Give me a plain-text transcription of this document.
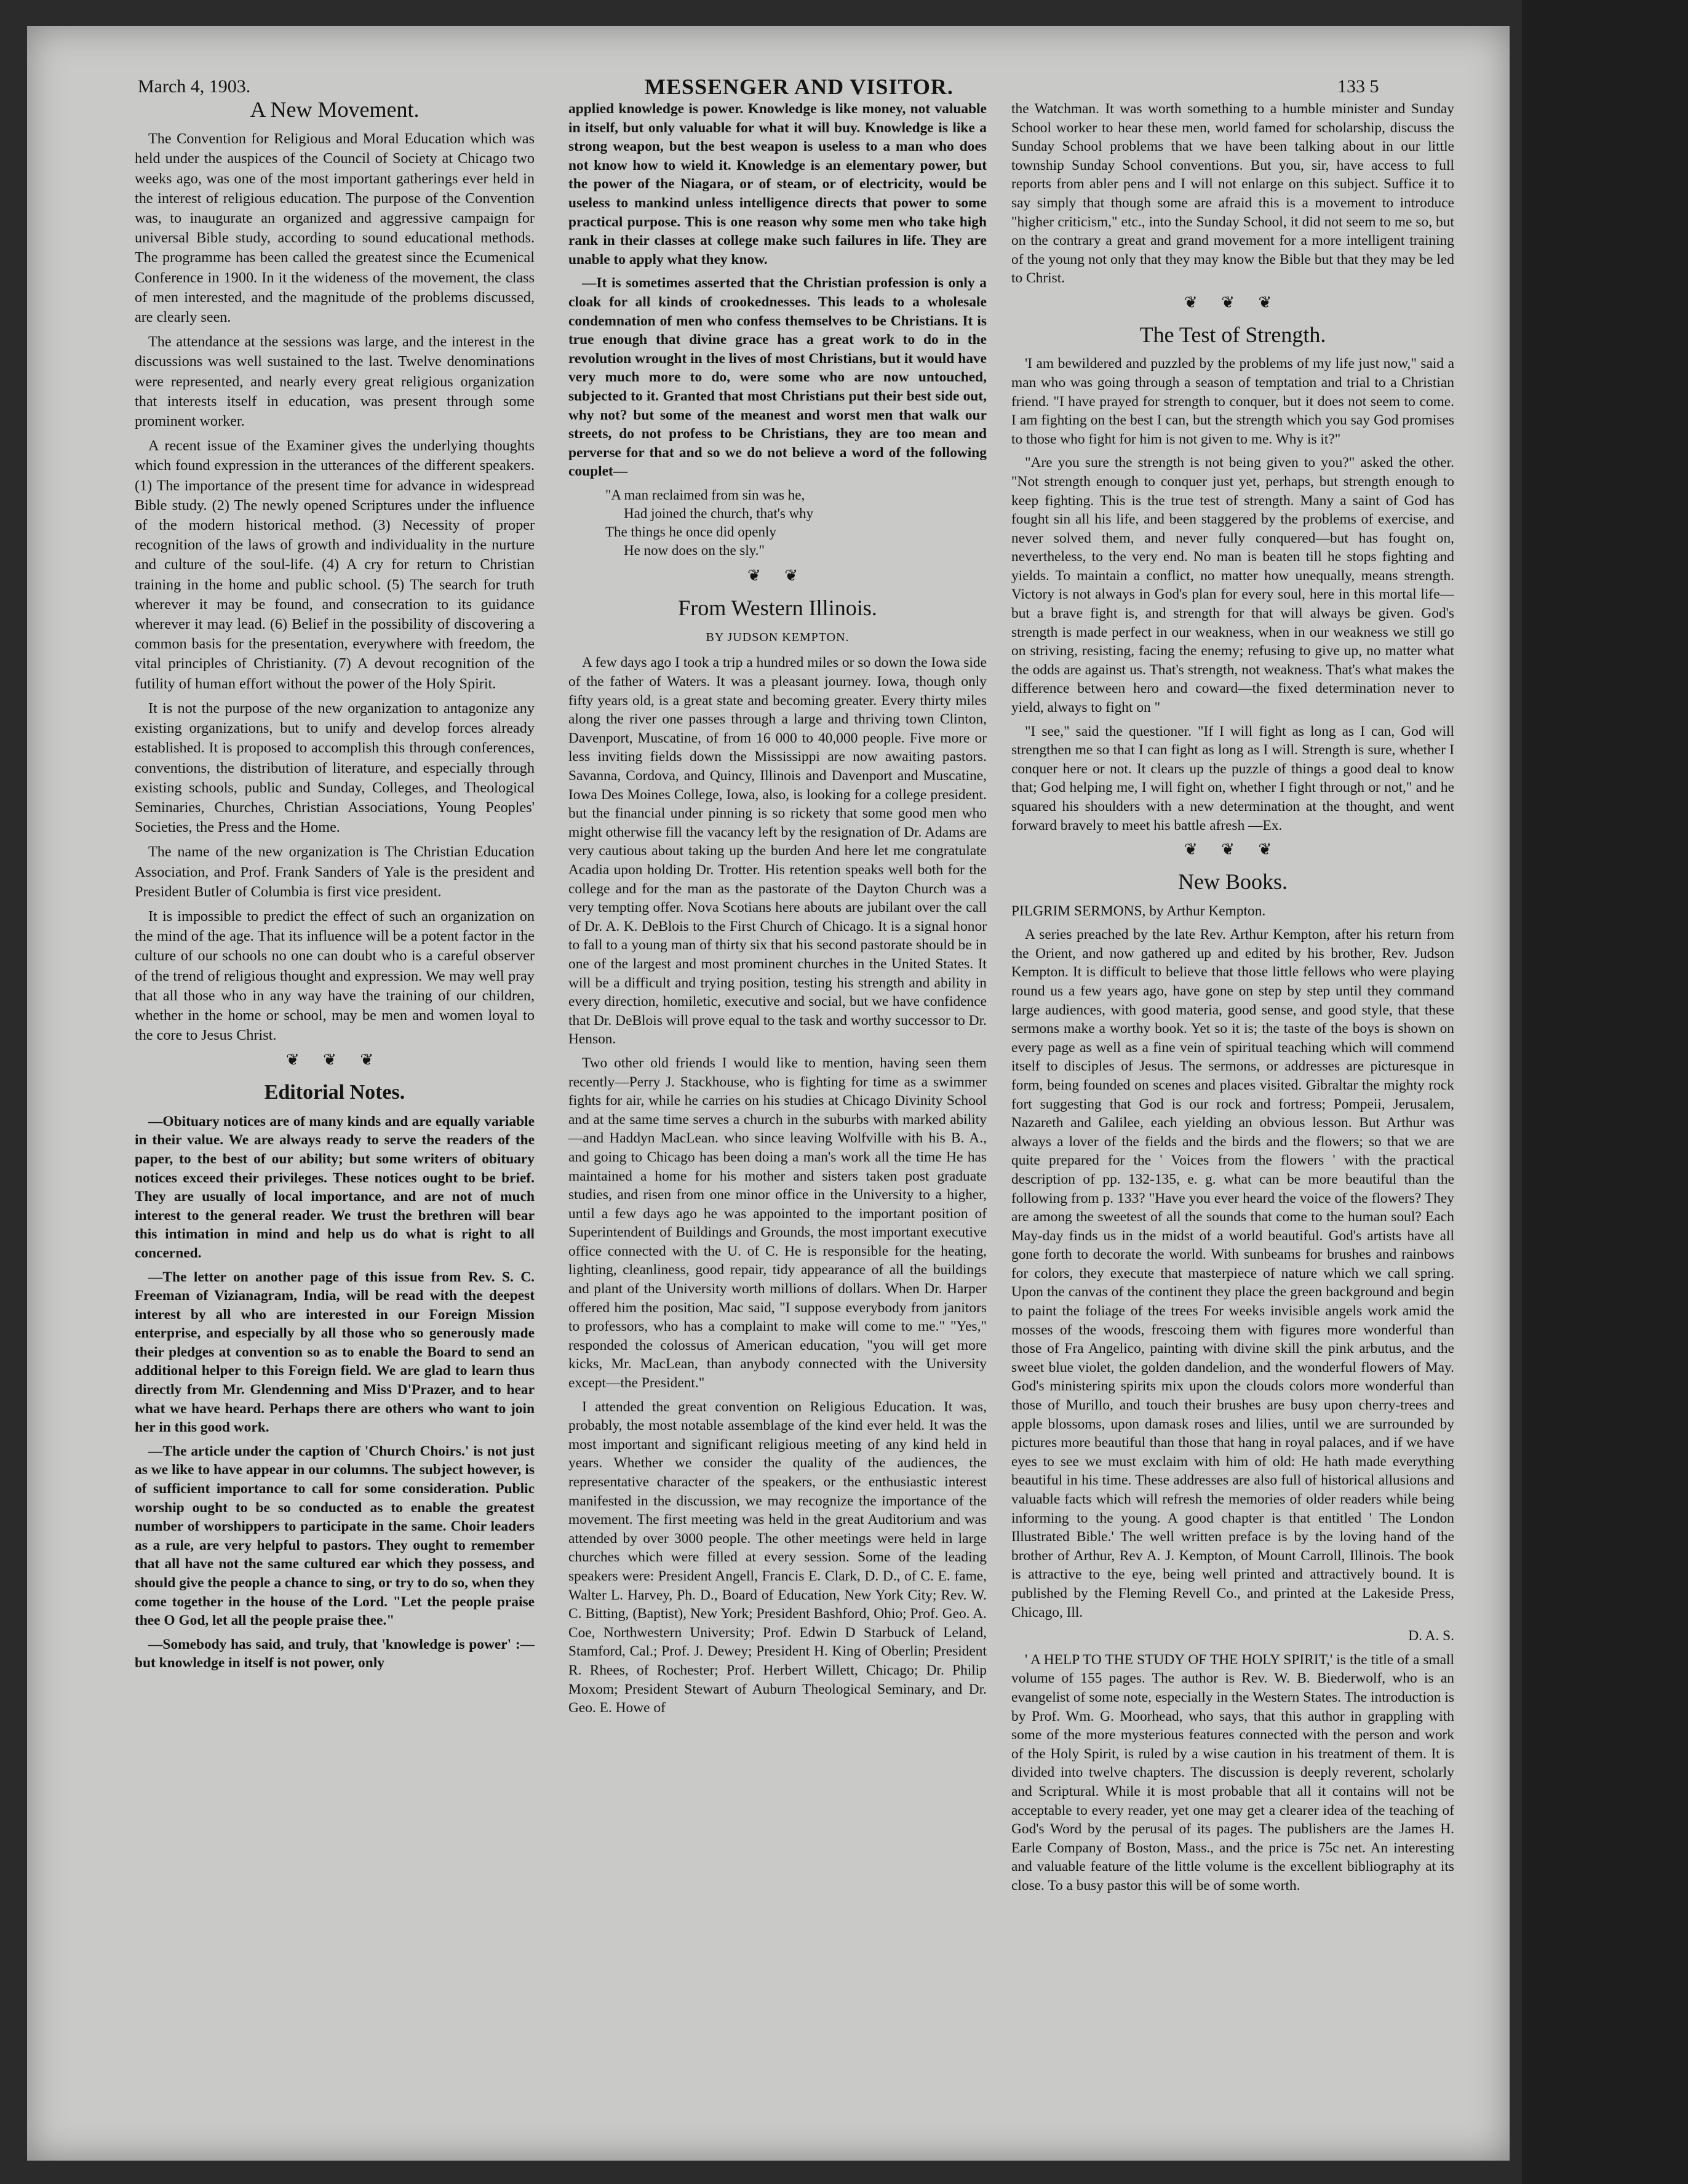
March 4, 1903.	MESSENGER AND VISITOR.	133 5
A New Movement.

The Convention for Religious and Moral Education which was held under the auspices of the Council of Society at Chicago two weeks ago, was one of the most important gatherings ever held in the interest of religious education. The purpose of the Convention was, to inaugurate an organized and aggressive campaign for universal Bible study, according to sound educational methods. The programme has been called the greatest since the Ecumenical Conference in 1900. In it the wideness of the movement, the class of men interested, and the magnitude of the problems discussed, are clearly seen.

The attendance at the sessions was large, and the interest in the discussions was well sustained to the last. Twelve denominations were represented, and nearly every great religious organization that interests itself in education, was present through some prominent worker.

A recent issue of the Examiner gives the underlying thoughts which found expression in the utterances of the different speakers. (1) The importance of the present time for advance in widespread Bible study. (2) The newly opened Scriptures under the influence of the modern historical method. (3) Necessity of proper recognition of the laws of growth and individuality in the nurture and culture of the soul-life. (4) A cry for return to Christian training in the home and public school. (5) The search for truth wherever it may be found, and consecration to its guidance wherever it may lead. (6) Belief in the possibility of discovering a common basis for the presentation, everywhere with freedom, the vital principles of Christianity. (7) A devout recognition of the futility of human effort without the power of the Holy Spirit.

It is not the purpose of the new organization to antagonize any existing organizations, but to unify and develop forces already established. It is proposed to accomplish this through conferences, conventions, the distribution of literature, and especially through existing schools, public and Sunday, Colleges, and Theological Seminaries, Churches, Christian Associations, Young Peoples' Societies, the Press and the Home.

The name of the new organization is The Christian Education Association, and Prof. Frank Sanders of Yale is the president and President Butler of Columbia is first vice president.

It is impossible to predict the effect of such an organization on the mind of the age. That its influence will be a potent factor in the culture of our schools no one can doubt who is a careful observer of the trend of religious thought and expression. We may well pray that all those who in any way have the training of our children, whether in the home or school, may be men and women loyal to the core to Jesus Christ.

❦ ❦ ❦
Editorial Notes.

—Obituary notices are of many kinds and are equally variable in their value. We are always ready to serve the readers of the paper, to the best of our ability; but some writers of obituary notices exceed their privileges. These notices ought to be brief. They are usually of local importance, and are not of much interest to the general reader. We trust the brethren will bear this intimation in mind and help us do what is right to all concerned.

—The letter on another page of this issue from Rev. S. C. Freeman of Vizianagram, India, will be read with the deepest interest by all who are interested in our Foreign Mission enterprise, and especially by all those who so generously made their pledges at convention so as to enable the Board to send an additional helper to this Foreign field. We are glad to learn thus directly from Mr. Glendenning and Miss D'Prazer, and to hear what we have heard. Perhaps there are others who want to join her in this good work.

—The article under the caption of 'Church Choirs.' is not just as we like to have appear in our columns. The subject however, is of sufficient importance to call for some consideration. Public worship ought to be so conducted as to enable the greatest number of worshippers to participate in the same. Choir leaders as a rule, are very helpful to pastors. They ought to remember that all have not the same cultured ear which they possess, and should give the people a chance to sing, or try to do so, when they come together in the house of the Lord. "Let the people praise thee O God, let all the people praise thee."

—Somebody has said, and truly, that 'knowledge is power' :—but knowledge in itself is not power, only

applied knowledge is power. Knowledge is like money, not valuable in itself, but only valuable for what it will buy. Knowledge is like a strong weapon, but the best weapon is useless to a man who does not know how to wield it. Knowledge is an elementary power, but the power of the Niagara, or of steam, or of electricity, would be useless to mankind unless intelligence directs that power to some practical purpose. This is one reason why some men who take high rank in their classes at college make such failures in life. They are unable to apply what they know.

—It is sometimes asserted that the Christian profession is only a cloak for all kinds of crookednesses. This leads to a wholesale condemnation of men who confess themselves to be Christians. It is true enough that divine grace has a great work to do in the revolution wrought in the lives of most Christians, but it would have very much more to do, were some who are now untouched, subjected to it. Granted that most Christians put their best side out, why not? but some of the meanest and worst men that walk our streets, do not profess to be Christians, they are too mean and perverse for that and so we do not believe a word of the following couplet—

"A man reclaimed from sin was he,
Had joined the church, that's why
The things he once did openly
He now does on the sly."
❦ ❦
From Western Illinois.
BY JUDSON KEMPTON.

A few days ago I took a trip a hundred miles or so down the Iowa side of the father of Waters. It was a pleasant journey. Iowa, though only fifty years old, is a great state and becoming greater. Every thirty miles along the river one passes through a large and thriving town Clinton, Davenport, Muscatine, of from 16 000 to 40,000 people. Five more or less inviting fields down the Mississippi are now awaiting pastors. Savanna, Cordova, and Quincy, Illinois and Davenport and Muscatine, Iowa Des Moines College, Iowa, also, is looking for a college president. but the financial under pinning is so rickety that some good men who might otherwise fill the vacancy left by the resignation of Dr. Adams are very cautious about taking up the burden And here let me congratulate Acadia upon holding Dr. Trotter. His retention speaks well both for the college and for the man as the pastorate of the Dayton Church was a very tempting offer. Nova Scotians here abouts are jubilant over the call of Dr. A. K. DeBlois to the First Church of Chicago. It is a signal honor to fall to a young man of thirty six that his second pastorate should be in one of the largest and most prominent churches in the United States. It will be a difficult and trying position, testing his strength and ability in every direction, homiletic, executive and social, but we have confidence that Dr. DeBlois will prove equal to the task and worthy successor to Dr. Henson.

Two other old friends I would like to mention, having seen them recently—Perry J. Stackhouse, who is fighting for time as a swimmer fights for air, while he carries on his studies at Chicago Divinity School and at the same time serves a church in the suburbs with marked ability —and Haddyn MacLean. who since leaving Wolfville with his B. A., and going to Chicago has been doing a man's work all the time He has maintained a home for his mother and sisters taken post graduate studies, and risen from one minor office in the University to a higher, until a few days ago he was appointed to the important position of Superintendent of Buildings and Grounds, the most important executive office connected with the U. of C. He is responsible for the heating, lighting, cleanliness, good repair, tidy appearance of all the buildings and plant of the University worth millions of dollars. When Dr. Harper offered him the position, Mac said, "I suppose everybody from janitors to professors, who has a complaint to make will come to me." "Yes," responded the colossus of American education, "you will get more kicks, Mr. MacLean, than anybody connected with the University except—the President."

I attended the great convention on Religious Education. It was, probably, the most notable assemblage of the kind ever held. It was the most important and significant religious meeting of any kind held in years. Whether we consider the quality of the audiences, the representative character of the speakers, or the enthusiastic interest manifested in the discussion, we may recognize the importance of the movement. The first meeting was held in the great Auditorium and was attended by over 3000 people. The other meetings were held in large churches which were filled at every session. Some of the leading speakers were: President Angell, Francis E. Clark, D. D., of C. E. fame, Walter L. Harvey, Ph. D., Board of Education, New York City; Rev. W. C. Bitting, (Baptist), New York; President Bashford, Ohio; Prof. Geo. A. Coe, Northwestern University; Prof. Edwin D Starbuck of Leland, Stamford, Cal.; Prof. J. Dewey; President H. King of Oberlin; President R. Rhees, of Rochester; Prof. Herbert Willett, Chicago; Dr. Philip Moxom; President Stewart of Auburn Theological Seminary, and Dr. Geo. E. Howe of

the Watchman. It was worth something to a humble minister and Sunday School worker to hear these men, world famed for scholarship, discuss the Sunday School problems that we have been talking about in our little township Sunday School conventions. But you, sir, have access to full reports from abler pens and I will not enlarge on this subject. Suffice it to say simply that though some are afraid this is a movement to introduce "higher criticism," etc., into the Sunday School, it did not seem to me so, but on the contrary a great and grand movement for a more intelligent training of the young not only that they may know the Bible but that they may be led to Christ.

❦ ❦ ❦
The Test of Strength.

'I am bewildered and puzzled by the problems of my life just now," said a man who was going through a season of temptation and trial to a Christian friend. "I have prayed for strength to conquer, but it does not seem to come. I am fighting on the best I can, but the strength which you say God promises to those who fight for him is not given to me. Why is it?"

"Are you sure the strength is not being given to you?" asked the other. "Not strength enough to conquer just yet, perhaps, but strength enough to keep fighting. This is the true test of strength. Many a saint of God has fought sin all his life, and been staggered by the problems of exercise, and never solved them, and never fully conquered—but has fought on, nevertheless, to the very end. No man is beaten till he stops fighting and yields. To maintain a conflict, no matter how unequally, means strength. Victory is not always in God's plan for every soul, here in this mortal life—but a brave fight is, and strength for that will always be given. God's strength is made perfect in our weakness, when in our weakness we still go on striving, resisting, facing the enemy; refusing to give up, no matter what the odds are against us. That's strength, not weakness. That's what makes the difference between hero and coward—the fixed determination never to yield, always to fight on "

"I see," said the questioner. "If I will fight as long as I can, God will strengthen me so that I can fight as long as I will. Strength is sure, whether I conquer here or not. It clears up the puzzle of things a good deal to know that; God helping me, I will fight on, whether I fight through or not," and he squared his shoulders with a new determination at the thought, and went forward bravely to meet his battle afresh —Ex.

❦ ❦ ❦
New Books.

PILGRIM SERMONS, by Arthur Kempton.

A series preached by the late Rev. Arthur Kempton, after his return from the Orient, and now gathered up and edited by his brother, Rev. Judson Kempton. It is difficult to believe that those little fellows who were playing round us a few years ago, have gone on step by step until they command large audiences, with good materia, good sense, and good style, that these sermons make a worthy book. Yet so it is; the taste of the boys is shown on every page as well as a fine vein of spiritual teaching which will commend itself to disciples of Jesus. The sermons, or addresses are picturesque in form, being founded on scenes and places visited. Gibraltar the mighty rock fort suggesting that God is our rock and fortress; Pompeii, Jerusalem, Nazareth and Galilee, each yielding an obvious lesson. But Arthur was always a lover of the fields and the birds and the flowers; so that we are quite prepared for the ' Voices from the flowers ' with the practical description of pp. 132-135, e. g. what can be more beautiful than the following from p. 133? "Have you ever heard the voice of the flowers? They are among the sweetest of all the sounds that come to the human soul? Each May-day finds us in the midst of a world beautiful. God's artists have all gone forth to decorate the world. With sunbeams for brushes and rainbows for colors, they execute that masterpiece of nature which we call spring. Upon the canvas of the continent they place the green background and begin to paint the foliage of the trees For weeks invisible angels work amid the mosses of the woods, frescoing them with figures more wonderful than those of Fra Angelico, painting with divine skill the pink arbutus, and the sweet blue violet, the golden dandelion, and the wonderful flowers of May. God's ministering spirits mix upon the clouds colors more wonderful than those of Murillo, and touch their brushes are busy upon cherry-trees and apple blossoms, upon damask roses and lilies, until we are surrounded by pictures more beautiful than those that hang in royal palaces, and if we have eyes to see we must exclaim with him of old: He hath made everything beautiful in his time. These addresses are also full of historical allusions and valuable facts which will refresh the memories of older readers while being informing to the young. A good chapter is that entitled ' The London Illustrated Bible.' The well written preface is by the loving hand of the brother of Arthur, Rev A. J. Kempton, of Mount Carroll, Illinois. The book is attractive to the eye, being well printed and attractively bound. It is published by the Fleming Revell Co., and printed at the Lakeside Press, Chicago, Ill.

D. A. S.

' A HELP TO THE STUDY OF THE HOLY SPIRIT,' is the title of a small volume of 155 pages. The author is Rev. W. B. Biederwolf, who is an evangelist of some note, especially in the Western States. The introduction is by Prof. Wm. G. Moorhead, who says, that this author in grappling with some of the more mysterious features connected with the person and work of the Holy Spirit, is ruled by a wise caution in his treatment of them. It is divided into twelve chapters. The discussion is deeply reverent, scholarly and Scriptural. While it is most probable that all it contains will not be acceptable to every reader, yet one may get a clearer idea of the teaching of God's Word by the perusal of its pages. The publishers are the James H. Earle Company of Boston, Mass., and the price is 75c net. An interesting and valuable feature of the little volume is the excellent bibliography at its close. To a busy pastor this will be of some worth.
